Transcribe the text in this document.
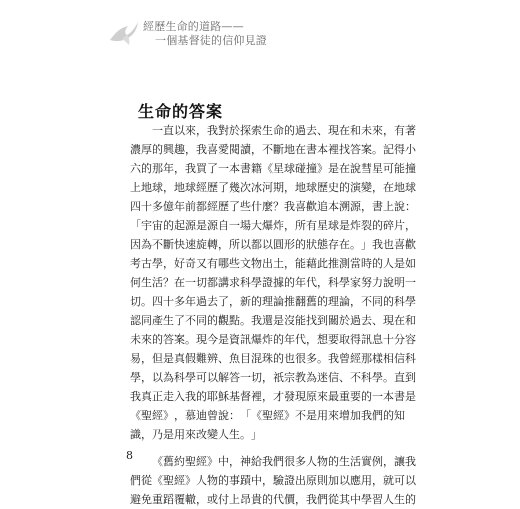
經歷生命的道路——
一個基督徒的信仰見證
生命的答案
一 直 以 來 ， 我 對 於 探 索 生 命 的 過 去 、 現 在 和 未 來 ， 有 著
濃 厚 的 興 趣 ， 我 喜 愛 閱 讀 ， 不 斷 地 在 書 本 裡 找 答 案 。 記 得 小
六 的 那 年 ， 我 買 了 一 本 書 籍 《 星 球 碰 撞 》 是 在 說 彗 星 可 能 撞
上 地 球 ， 地 球 經 歷 了 幾 次 冰 河 期 ， 地 球 歷 史 的 演 變 ， 在 地 球
四 十 多 億 年 前 都 經 歷 了 些 什 麼 ？ 我 喜 歡 追 本 溯 源 ， 書 上 說 ：
「 宇 宙 的 起 源 是 源 自 一 場 大 爆 炸 ， 所 有 星 球 是 炸 裂 的 碎 片 ，
因 為 不 斷 快 速 旋 轉 ， 所 以 都 以 圓 形 的 狀 態 存 在 。 」 我 也 喜 歡
考 古 學 ， 好 奇 又 有 哪 些 文 物 出 土 ， 能 藉 此 推 測 當 時 的 人 是 如
何 生 活 ？ 在 一 切 都 講 求 科 學 證 據 的 年 代 ， 科 學 家 努 力 說 明 一
切 。 四 十 多 年 過 去 了 ， 新 的 理 論 推 翻 舊 的 理 論 ， 不 同 的 科 學
認 同 產 生 了 不 同 的 觀 點 。 我 還 是 沒 能 找 到 關 於 過 去 、 現 在 和
未 來 的 答 案 。 現 今 是 資 訊 爆 炸 的 年 代 ， 想 要 取 得 訊 息 十 分 容
易 ， 但 是 真 假 難 辨 、 魚 目 混 珠 的 也 很 多 。 我 曾 經 那 樣 相 信 科
學 ， 以 為 科 學 可 以 解 答 一 切 ， 祇 宗 教 為 迷 信 、 不 科 學 。 直 到
我 真 正 走 入 我 的 耶 穌 基 督 裡 ， 才 發 現 原 來 最 重 要 的 一 本 書 是
《 聖 經 》 ， 慕 迪 曾 說 ： 「 《 聖 經 》 不 是 用 來 增 加 我 們 的 知
識 ， 乃 是 用 來 改 變 人 生 。 」
《 舊 約 聖 經 》 中 ， 神 給 我 們 很 多 人 物 的 生 活 實 例 ， 讓 我
們 從 《 聖 經 》 人 物 的 事 蹟 中 ， 驗 證 出 原 則 加 以 應 用 ， 就 可 以
避 免 重 蹈 覆 轍 ， 或 付 上 昂 貴 的 代 價 ， 我 們 從 其 中 學 習 人 生 的
8
